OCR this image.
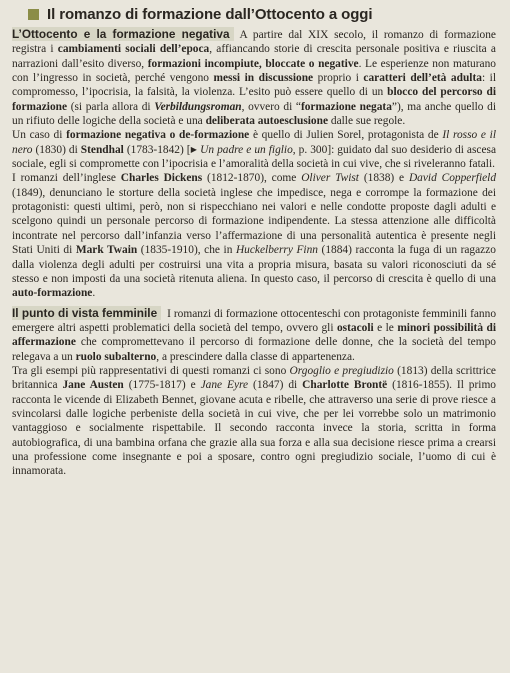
Il romanzo di formazione dall’Ottocento a oggi

L’Ottocento e la formazione negativa A partire dal XIX secolo, il romanzo di formazione registra i cambiamenti sociali dell’epoca, affiancando storie di crescita personale positiva e riuscita a narrazioni dall’esito diverso, formazioni incompiute, bloccate o negative. Le esperienze non maturano con l’ingresso in società, perché vengono messi in discussione proprio i caratteri dell’età adulta: il compromesso, l’ipocrisia, la falsità, la violenza. L’esito può essere quello di un blocco del percorso di formazione (si parla allora di Verbildungsroman, ovvero di “formazione negata”), ma anche quello di un rifiuto delle logiche della società e una deliberata autoesclusione dalle sue regole.

Un caso di formazione negativa o de-formazione è quello di Julien Sorel, protagonista de Il rosso e il nero (1830) di Stendhal (1783-1842) [▶ Un padre e un figlio, p. 300]: guidato dal suo desiderio di ascesa sociale, egli si compromette con l’ipocrisia e l’amoralità della società in cui vive, che si riveleranno fatali.

I romanzi dell’inglese Charles Dickens (1812-1870), come Oliver Twist (1838) e David Copperfield (1849), denunciano le storture della società inglese che impedisce, nega e corrompe la formazione dei protagonisti: questi ultimi, però, non si rispecchiano nei valori e nelle condotte proposte dagli adulti e scelgono quindi un personale percorso di formazione indipendente. La stessa attenzione alle difficoltà incontrate nel percorso dall’infanzia verso l’affermazione di una personalità autentica è presente negli Stati Uniti di Mark Twain (1835-1910), che in Huckelberry Finn (1884) racconta la fuga di un ragazzo dalla violenza degli adulti per costruirsi una vita a propria misura, basata su valori riconosciuti da sé stesso e non imposti da una società ritenuta aliena. In questo caso, il percorso di crescita è quello di una auto-formazione.

Il punto di vista femminile I romanzi di formazione ottocenteschi con protagoniste femminili fanno emergere altri aspetti problematici della società del tempo, ovvero gli ostacoli e le minori possibilità di affermazione che compromettevano il percorso di formazione delle donne, che la società del tempo relegava a un ruolo subalterno, a prescindere dalla classe di appartenenza.

Tra gli esempi più rappresentativi di questi romanzi ci sono Orgoglio e pregiudizio (1813) della scrittrice britannica Jane Austen (1775-1817) e Jane Eyre (1847) di Charlotte Brontë (1816-1855). Il primo racconta le vicende di Elizabeth Bennet, giovane acuta e ribelle, che attraverso una serie di prove riesce a svincolarsi dalle logiche perbeniste della società in cui vive, che per lei vorrebbe solo un matrimonio vantaggioso e socialmente rispettabile. Il secondo racconta invece la storia, scritta in forma autobiografica, di una bambina orfana che grazie alla sua forza e alla sua decisione riesce prima a crearsi una professione come insegnante e poi a sposare, contro ogni pregiudizio sociale, l’uomo di cui è innamorata.
